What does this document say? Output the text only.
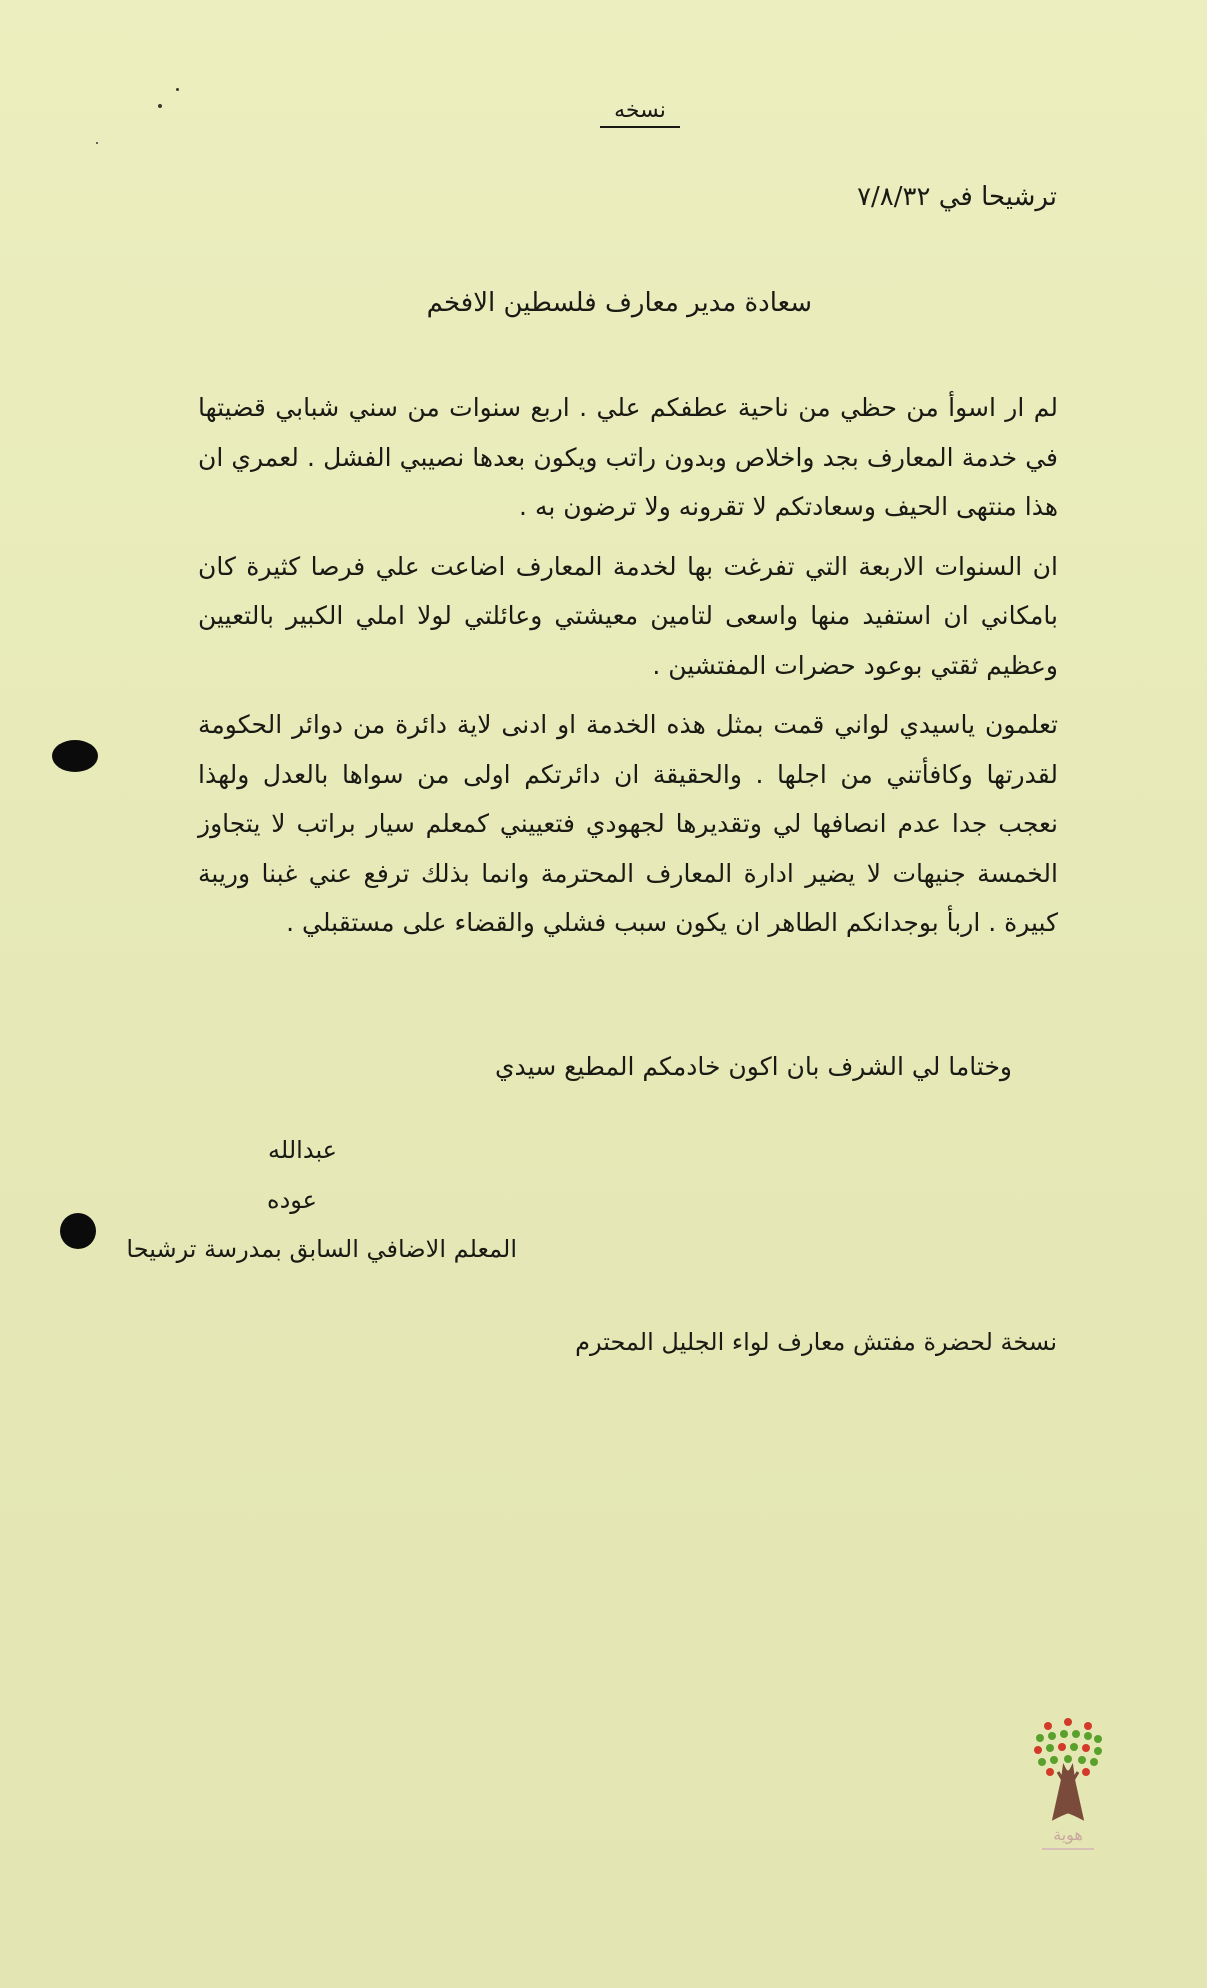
نسخه
ترشيحا في ٧/٨/٣٢
سعادة مدير معارف فلسطين الافخم

لم ار اسوأ من حظي من ناحية عطفكم علي . اربع سنوات من سني شبابي قضيتها في خدمة المعارف بجد واخلاص وبدون راتب ويكون بعدها نصيبي الفشل . لعمري ان هذا منتهى الحيف وسعادتكم لا تقرونه ولا ترضون به .

ان السنوات الاربعة التي تفرغت بها لخدمة المعارف اضاعت علي فرصا كثيرة كان بامكاني ان استفيد منها واسعى لتامين معيشتي وعائلتي لولا املي الكبير بالتعيين وعظيم ثقتي بوعود حضرات المفتشين .

تعلمون ياسيدي لواني قمت بمثل هذه الخدمة او ادنى لاية دائرة من دوائر الحكومة لقدرتها وكافأتني من اجلها . والحقيقة ان دائرتكم اولى من سواها بالعدل ولهذا نعجب جدا عدم انصافها لي وتقديرها لجهودي فتعييني كمعلم سيار براتب لا يتجاوز الخمسة جنيهات لا يضير ادارة المعارف المحترمة وانما بذلك ترفع عني غبنا وريبة كبيرة . اربأ بوجدانكم الطاهر ان يكون سبب فشلي والقضاء على مستقبلي .

وختاما لي الشرف بان اكون خادمكم المطيع سيدي
عبدالله
عوده
المعلم الاضافي السابق بمدرسة ترشيحا
نسخة لحضرة مفتش معارف لواء الجليل المحترم
هوية
